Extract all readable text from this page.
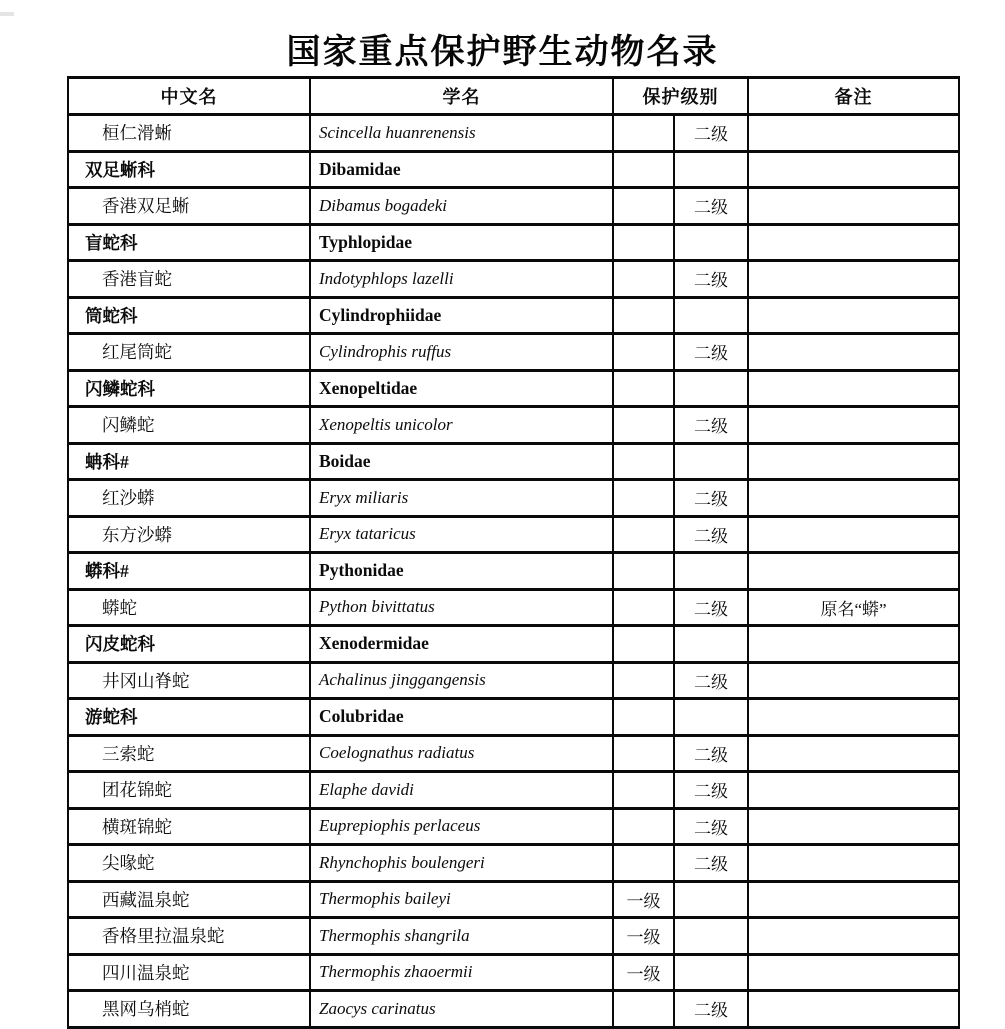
国家重点保护野生动物名录
中文名	学名	保护级别		备注
桓仁滑蜥	Scincella huanrenensis		二级	
双足蜥科	Dibamidae			
香港双足蜥	Dibamus bogadeki		二级	
盲蛇科	Typhlopidae			
香港盲蛇	Indotyphlops lazelli		二级	
筒蛇科	Cylindrophiidae			
红尾筒蛇	Cylindrophis ruffus		二级	
闪鳞蛇科	Xenopeltidae			
闪鳞蛇	Xenopeltis unicolor		二级	
蚺科#	Boidae			
红沙蟒	Eryx miliaris		二级	
东方沙蟒	Eryx tataricus		二级	
蟒科#	Pythonidae			
蟒蛇	Python bivittatus		二级	原名“蟒”
闪皮蛇科	Xenodermidae			
井冈山脊蛇	Achalinus jinggangensis		二级	
游蛇科	Colubridae			
三索蛇	Coelognathus radiatus		二级	
团花锦蛇	Elaphe davidi		二级	
横斑锦蛇	Euprepiophis perlaceus		二级	
尖喙蛇	Rhynchophis boulengeri		二级	
西藏温泉蛇	Thermophis baileyi	一级		
香格里拉温泉蛇	Thermophis shangrila	一级		
四川温泉蛇	Thermophis zhaoermii	一级		
黑网乌梢蛇	Zaocys carinatus		二级	
